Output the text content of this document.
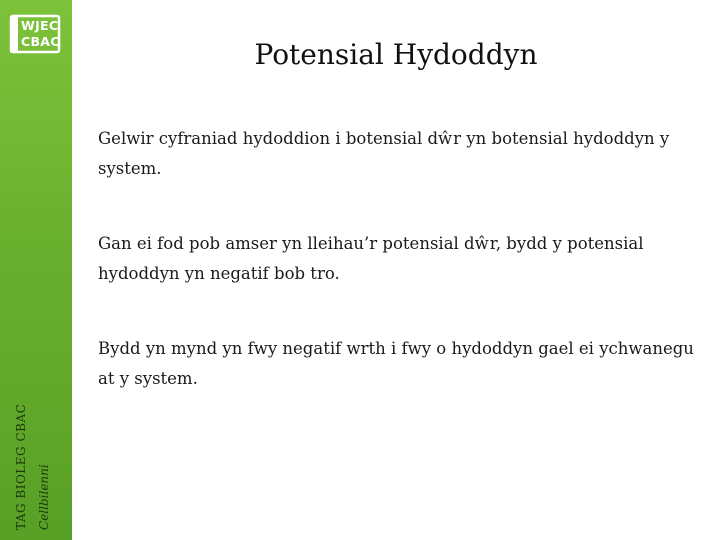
WJEC
CBAC
TAG BIOLEG CBAC Cellbilenni
Potensial Hydoddyn
Gelwir cyfraniad hydoddion i botensial dŵr yn botensial hydoddyn y system.
Gan ei fod pob amser yn lleihau’r potensial dŵr, bydd y potensial hydoddyn yn negatif bob tro.
Bydd yn mynd yn fwy negatif wrth i fwy o hydoddyn gael ei ychwanegu at y system.
